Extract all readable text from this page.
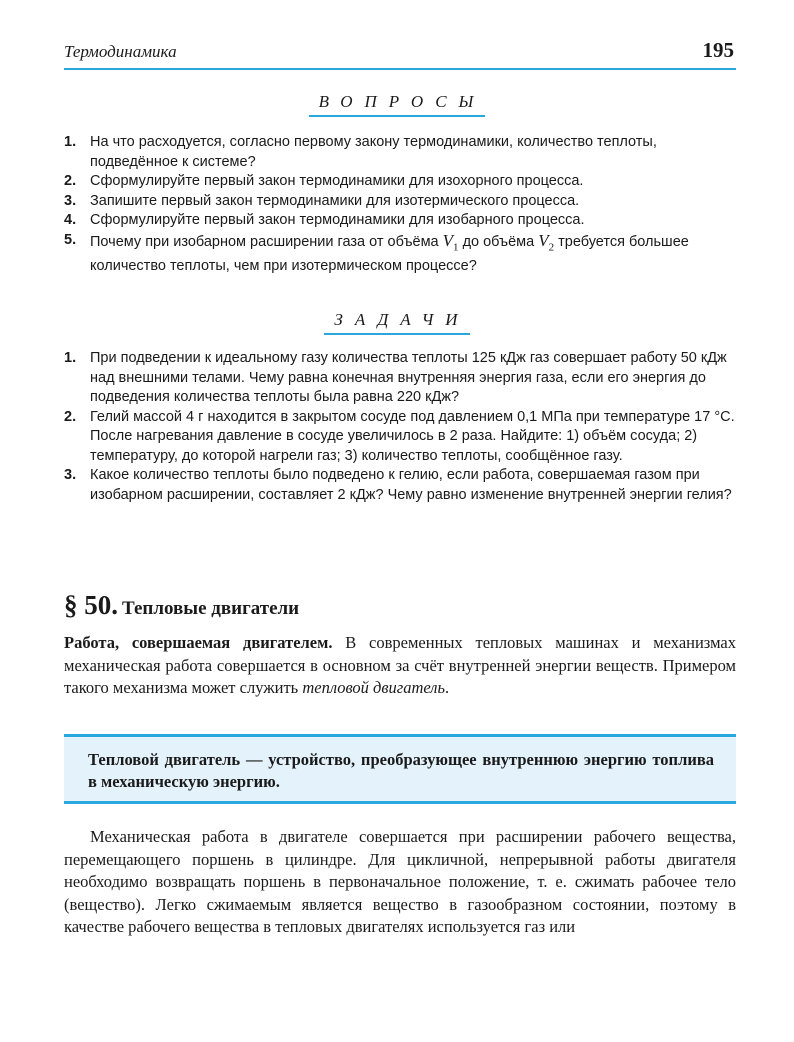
Термодинамика	195
ВОПРОСЫ
1. На что расходуется, согласно первому закону термодинамики, количество теплоты, подведённое к системе?
2. Сформулируйте первый закон термодинамики для изохорного процесса.
3. Запишите первый закон термодинамики для изотермического процесса.
4. Сформулируйте первый закон термодинамики для изобарного процесса.
5. Почему при изобарном расширении газа от объёма $V_1$ до объёма $V_2$ требуется большее количество теплоты, чем при изотермическом процессе?
ЗАДАЧИ
1. При подведении к идеальному газу количества теплоты 125 кДж газ совершает работу 50 кДж над внешними телами. Чему равна конечная внутренняя энергия газа, если его энергия до подведения количества теплоты была равна 220 кДж?
2. Гелий массой 4 г находится в закрытом сосуде под давлением 0,1 МПа при температуре 17 °С. После нагревания давление в сосуде увеличилось в 2 раза. Найдите: 1) объём сосуда; 2) температуру, до которой нагрели газ; 3) количество теплоты, сообщённое газу.
3. Какое количество теплоты было подведено к гелию, если работа, совершаемая газом при изобарном расширении, составляет 2 кДж? Чему равно изменение внутренней энергии гелия?
§ 50. Тепловые двигатели

Работа, совершаемая двигателем. В современных тепловых машинах и механизмах механическая работа совершается в основном за счёт внутренней энергии веществ. Примером такого механизма может служить тепловой двигатель.

Тепловой двигатель — устройство, преобразующее внутреннюю энергию топлива в механическую энергию.

Механическая работа в двигателе совершается при расширении рабочего вещества, перемещающего поршень в цилиндре. Для цикличной, непрерывной работы двигателя необходимо возвращать поршень в первоначальное положение, т. е. сжимать рабочее тело (вещество). Легко сжимаемым является вещество в газообразном состоянии, поэтому в качестве рабочего вещества в тепловых двигателях используется газ или
